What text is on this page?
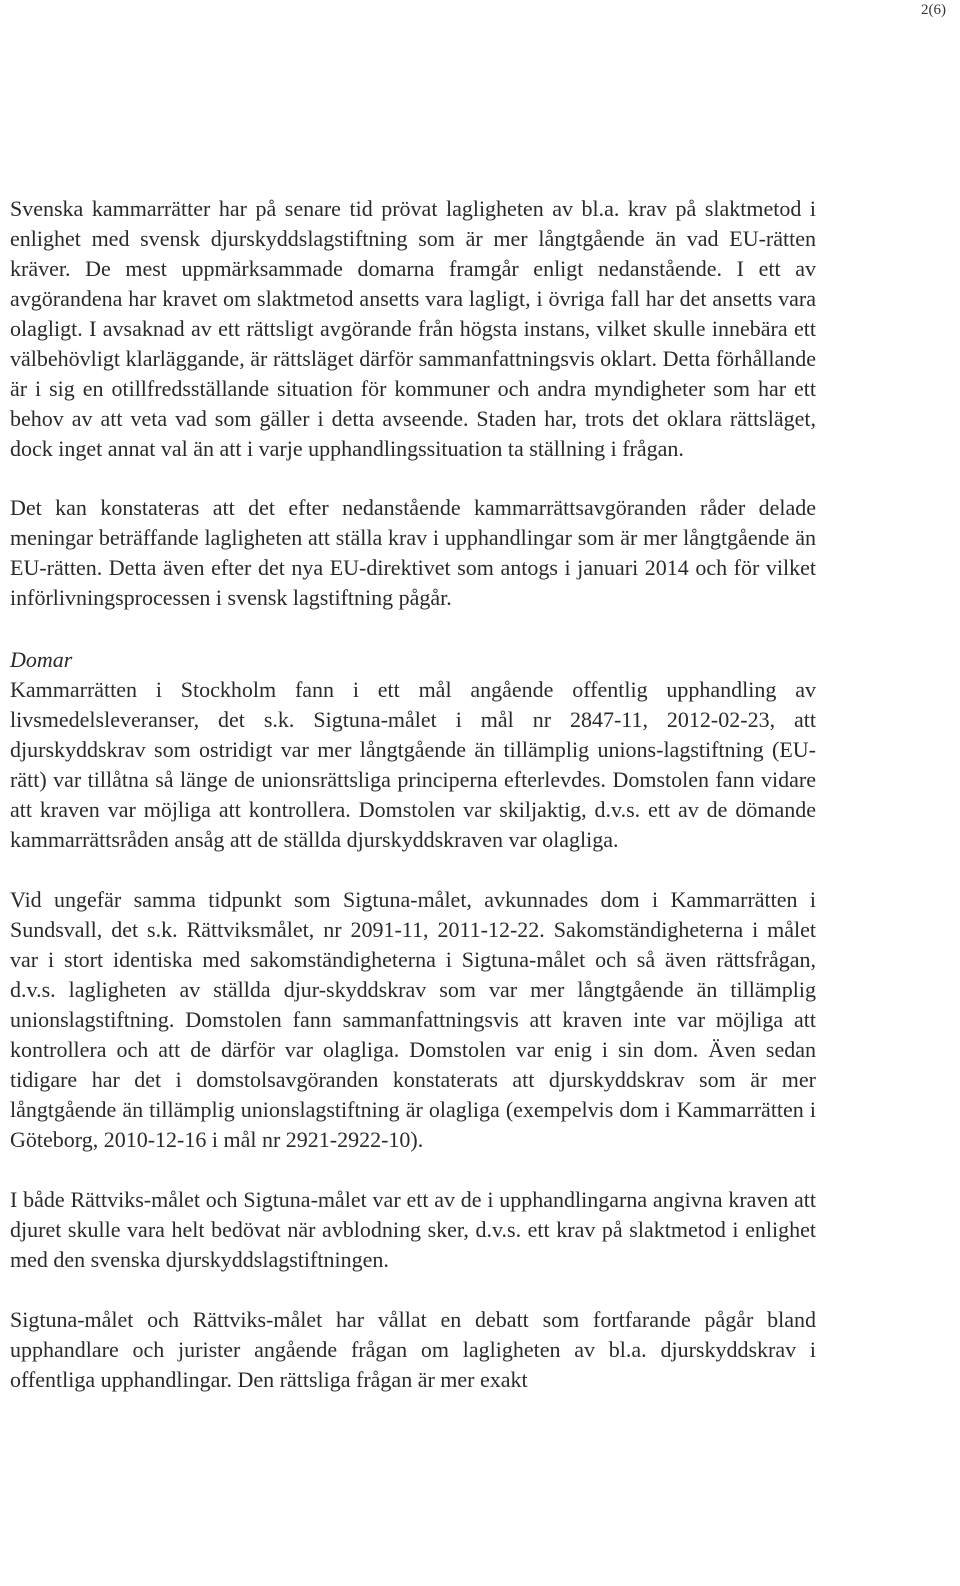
2(6)

Svenska kammarrätter har på senare tid prövat lagligheten av bl.a. krav på slaktmetod i enlighet med svensk djurskyddslagstiftning som är mer långtgående än vad EU-rätten kräver. De mest uppmärksammade domarna framgår enligt nedanstående. I ett av avgörandena har kravet om slaktmetod ansetts vara lagligt, i övriga fall har det ansetts vara olagligt. I avsaknad av ett rättsligt avgörande från högsta instans, vilket skulle innebära ett välbehövligt klarläggande, är rättsläget därför sammanfattningsvis oklart. Detta förhållande är i sig en otillfredsställande situation för kommuner och andra myndigheter som har ett behov av att veta vad som gäller i detta avseende. Staden har, trots det oklara rättsläget, dock inget annat val än att i varje upphandlingssituation ta ställning i frågan.

Det kan konstateras att det efter nedanstående kammarrättsavgöranden råder delade meningar beträffande lagligheten att ställa krav i upphandlingar som är mer långtgående än EU-rätten. Detta även efter det nya EU-direktivet som antogs i januari 2014 och för vilket införlivningsprocessen i svensk lagstiftning pågår.

Domar

Kammarrätten i Stockholm fann i ett mål angående offentlig upphandling av livsmedelsleveranser, det s.k. Sigtuna-målet i mål nr 2847-11, 2012-02-23, att djurskyddskrav som ostridigt var mer långtgående än tillämplig unions-lagstiftning (EU-rätt) var tillåtna så länge de unionsrättsliga principerna efterlevdes. Domstolen fann vidare att kraven var möjliga att kontrollera. Domstolen var skiljaktig, d.v.s. ett av de dömande kammarrättsråden ansåg att de ställda djurskyddskraven var olagliga.

Vid ungefär samma tidpunkt som Sigtuna-målet, avkunnades dom i Kammarrätten i Sundsvall, det s.k. Rättviksmålet, nr 2091-11, 2011-12-22. Sakomständigheterna i målet var i stort identiska med sakomständigheterna i Sigtuna-målet och så även rättsfrågan, d.v.s. lagligheten av ställda djur-skyddskrav som var mer långtgående än tillämplig unionslagstiftning. Domstolen fann sammanfattningsvis att kraven inte var möjliga att kontrollera och att de därför var olagliga. Domstolen var enig i sin dom. Även sedan tidigare har det i domstolsavgöranden konstaterats att djurskyddskrav som är mer långtgående än tillämplig unionslagstiftning är olagliga (exempelvis dom i Kammarrätten i Göteborg, 2010-12-16 i mål nr 2921-2922-10).

I både Rättviks-målet och Sigtuna-målet var ett av de i upphandlingarna angivna kraven att djuret skulle vara helt bedövat när avblodning sker, d.v.s. ett krav på slaktmetod i enlighet med den svenska djurskyddslagstiftningen.

Sigtuna-målet och Rättviks-målet har vållat en debatt som fortfarande pågår bland upphandlare och jurister angående frågan om lagligheten av bl.a. djurskyddskrav i offentliga upphandlingar. Den rättsliga frågan är mer exakt
